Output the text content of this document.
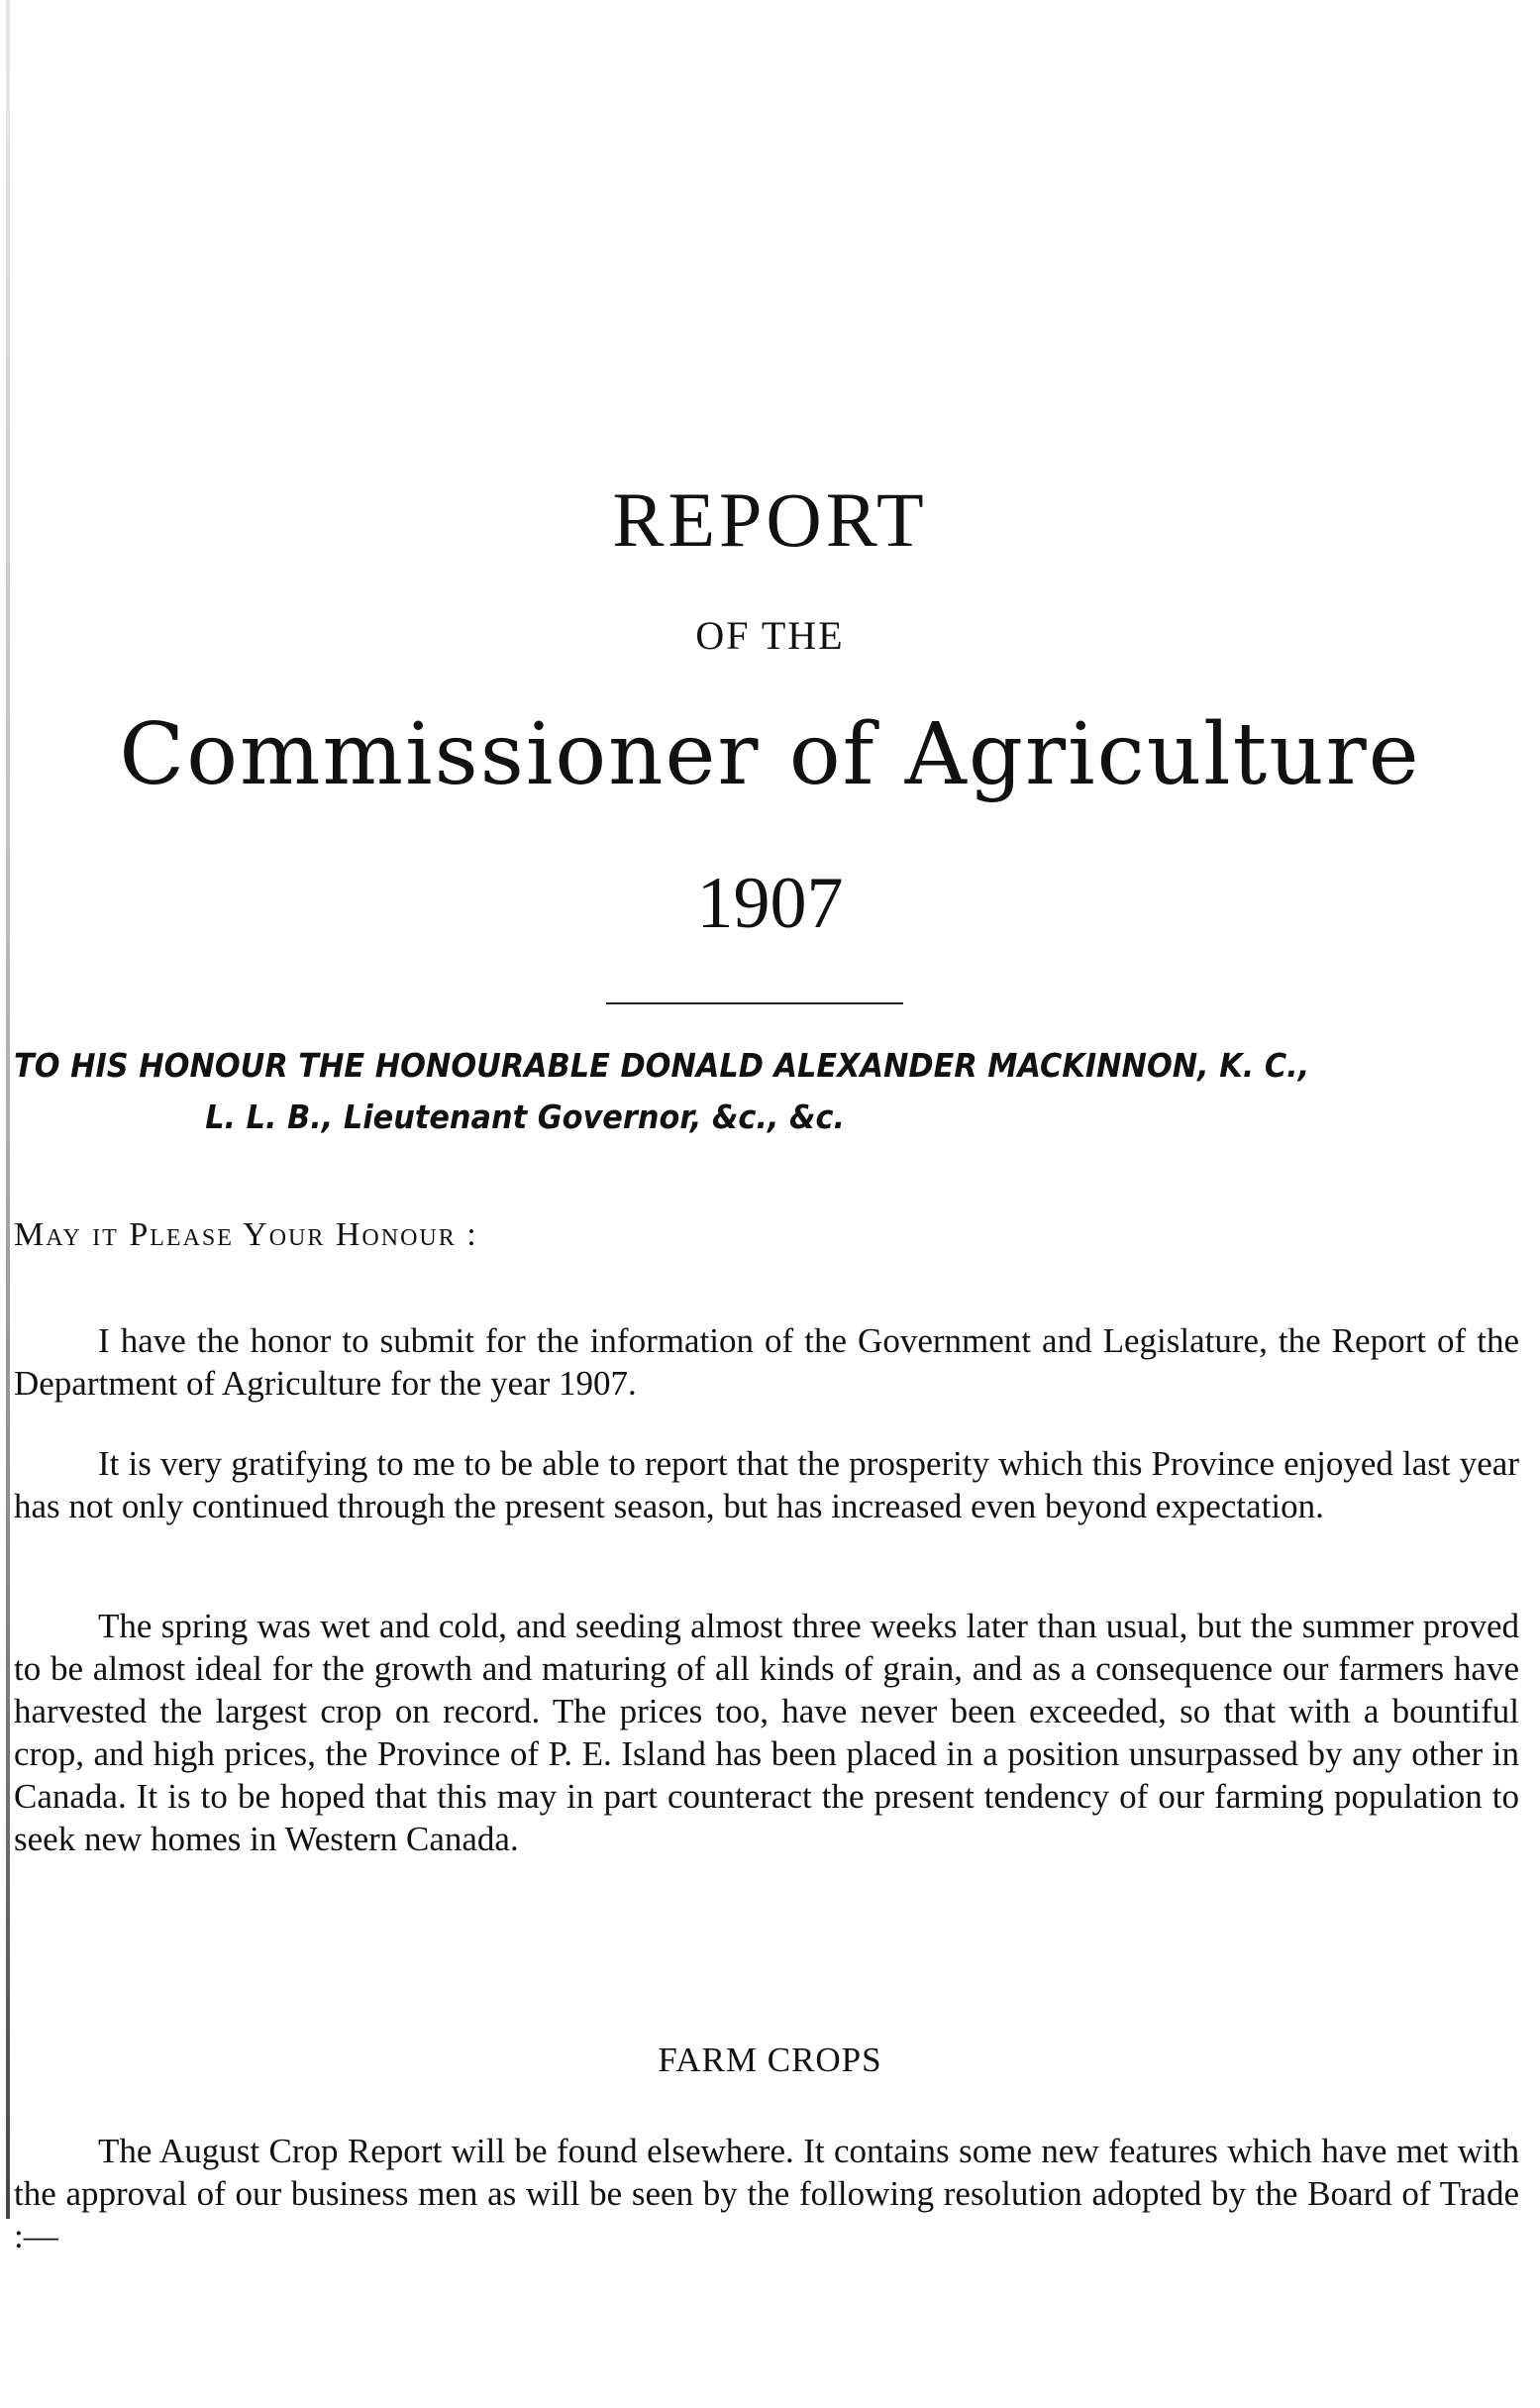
REPORT
OF THE
Commissioner of Agriculture
1907
TO HIS HONOUR THE HONOURABLE DONALD ALEXANDER MACKINNON, K. C.,
L. L. B., Lieutenant Governor, &c., &c.
May it Please Your Honour :
I have the honor to submit for the information of the Government and Legislature, the Report of the Department of Agriculture for the year 1907.
It is very gratifying to me to be able to report that the prosperity which this Province enjoyed last year has not only continued through the present season, but has increased even beyond expectation.
The spring was wet and cold, and seeding almost three weeks later than usual, but the summer proved to be almost ideal for the growth and maturing of all kinds of grain, and as a consequence our farmers have harvested the largest crop on record. The prices too, have never been exceeded, so that with a bountiful crop, and high prices, the Province of P. E. Island has been placed in a position unsurpassed by any other in Canada. It is to be hoped that this may in part counteract the present tendency of our farming population to seek new homes in Western Canada.
FARM CROPS
The August Crop Report will be found elsewhere. It contains some new features which have met with the approval of our business men as will be seen by the following resolution adopted by the Board of Trade :—
